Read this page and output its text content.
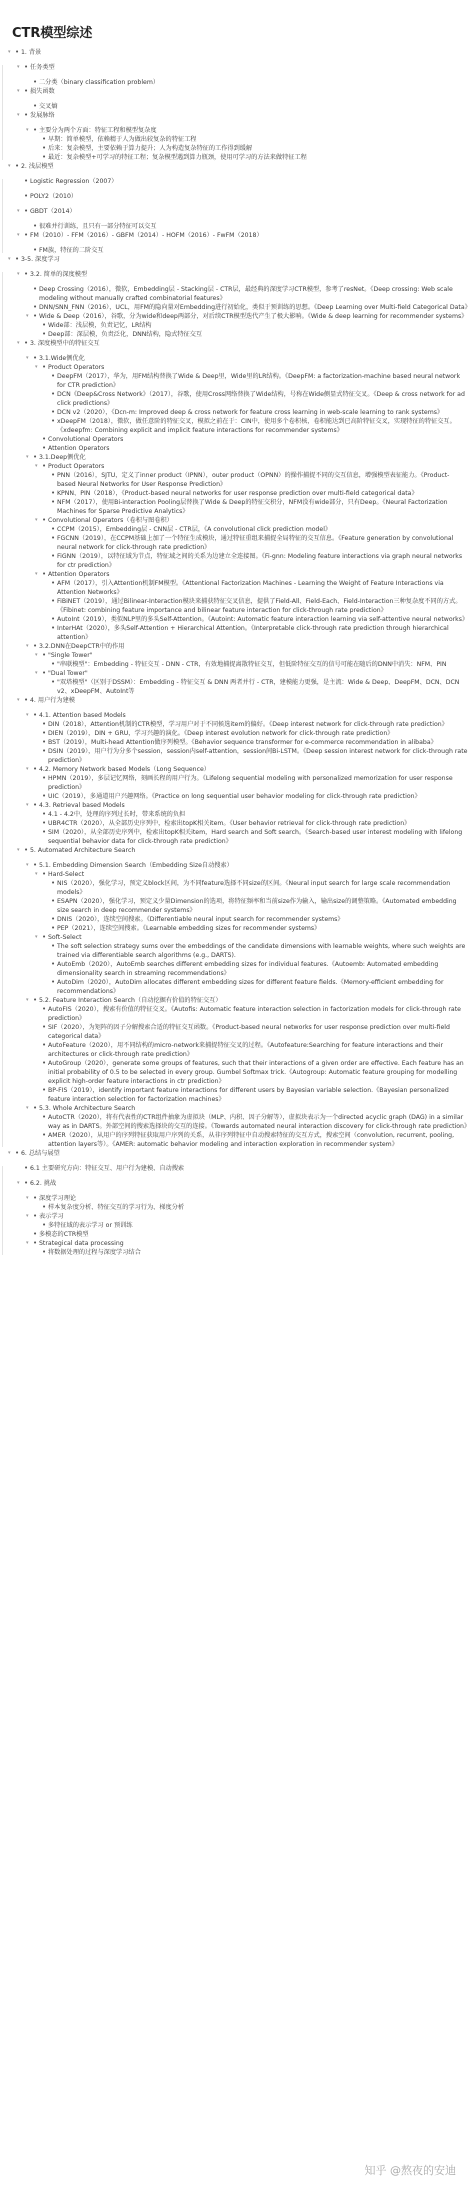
CTR模型综述
▾ • 1. 背景
▾ • 任务类型
• 二分类（binary classification problem）
▾ • 损失函数
• 交叉熵
▾ • 发展脉络
▾ • 主要分为两个方面：特征工程和模型复杂度
• 早期：简单模型，依赖精于人为做出较复杂的特征工程
• 后来：复杂模型，主要依赖于算力提升；人为构造复杂特征的工作得到缓解
• 最近：复杂模型+可学习的特征工程；复杂模型遇到算力瓶颈，使用可学习的方法来做特征工程
▾ • 2. 浅层模型
• Logistic Regression（2007）
• POLY2（2010）
▾ • GBDT（2014）
• 很难并行训练，且只有一部分特征可以交互
▾ • FM（2010）- FFM（2016）- GBFM（2014）- HOFM（2016）- FwFM（2018）
• FM族，特征的二阶交互
▾ • 3-5. 深度学习
▾ • 3.2. 简单的深度模型
• Deep Crossing（2016），微软，Embedding层 - Stacking层 - CTR层，最经典的深度学习CTR模型，参考了resNet。《Deep crossing: Web scale modeling without manually crafted combinatorial features》
• DNN/SNN_FNN（2016），UCL，用FM的隐向量对Embedding进行初始化，类似于预训练的思想。《Deep Learning over Multi-field Categorical Data》
▾ • Wide & Deep（2016），谷歌，分为wide和deep两部分，对后续CTR模型迭代产生了极大影响。《Wide & deep learning for recommender systems》
• Wide部：浅层模，负责记忆，LR结构
• Deep部：深层模，负责泛化，DNN结构，隐式特征交互
▾ • 3. 深度模型中的特征交互
▾ • 3.1.Wide侧优化
▾ • Product Operators
• DeepFM（2017），华为，用FM结构替换了Wide & Deep里，Wide里的LR结构。《DeepFM: a factorization-machine based neural network for CTR prediction》
• DCN《Deep&Cross Network》（2017），谷歌，使用Cross网络替换了Wide结构，号称在Wide侧显式特征交叉。《Deep & cross network for ad click predictions》
• DCN v2（2020），《Dcn-m: Improved deep & cross network for feature cross learning in web-scale learning to rank systems》
• xDeepFM（2018），微软，做任意阶的特征交叉，模拟之前在于：CIN中，使用多个卷积核，卷积能达到已高阶特征交叉，实现特征的特征交互。《xdeepfm: Combining explicit and implicit feature interactions for recommender systems》
• Convolutional Operators
• Attention Operators
▾ • 3.1.Deep侧优化
▾ • Product Operators
• PNN（2016），SJTU，定义了inner product（IPNN），outer product（OPNN）的操作捕捉不同的交互信息，增强模型表征能力。《Product-based Neural Networks for User Response Prediction》
• KPNN、PIN（2018），《Product-based neural networks for user response prediction over multi-field categorical data》
• NFM（2017），使用Bi-interaction Pooling层替换了Wide & Deep的特征交积分，NFM没有wide部分，只有Deep。《Neural Factorization Machines for Sparse Predictive Analytics》
▾ • Convolutional Operators（卷积与图卷积）
• CCPM（2015），Embedding层 - CNN层 - CTR层，《A convolutional click prediction model》
• FGCNN（2019），在CCPM基础上加了一个特征生成模块，通过特征重组来捕捉全局特征的交互信息。《Feature generation by convolutional neural network for click-through rate prediction》
• FiGNN（2019），以特征域为节点，特征域之间的关系为边建立全连接图。《Fi-gnn: Modeling feature interactions via graph neural networks for ctr prediction》
▾ • Attention Operators
• AFM（2017），引入Attention机制FM模型。《Attentional Factorization Machines - Learning the Weight of Feature Interactions via Attention Networks》
• FiBiNET（2019），通过Bilinear-Interaction模块来捕获特征交叉信息，提供了Field-All、Field-Each、Field-Interaction三种复杂度不同的方式。《Fibinet: combining feature importance and bilinear feature interaction for click-through rate prediction》
• AutoInt（2019），类似NLP里的多头Self-Attention。《Autoint: Automatic feature interaction learning via self-attentive neural networks》
• InterHAt（2020），多头Self-Attention + Hierarchical Attention。《Interpretable click-through rate prediction through hierarchical attention》
▾ • 3.2.DNN在DeepCTR中的作用
▾ • "Single Tower"
• "串联模型"：Embedding - 特征交互 - DNN - CTR，有效地捕捉离散特征交互，但低阶特征交互的信号可能在随后的DNN中消失：NFM、PIN
▾ • "Dual Tower"
• "双塔模型"（区别于DSSM）：Embedding - 特征交互 & DNN 两者并行 - CTR，建模能力更强，是主流：Wide & Deep、DeepFM、DCN、DCN v2、xDeepFM、AutoInt等
▾ • 4. 用户行为建模
▾ • 4.1. Attention based Models
• DIN（2018），Attention机制的CTR模型，学习用户对于不同候选item的偏好。《Deep interest network for click-through rate prediction》
• DIEN（2019），DIN + GRU，学习兴趣的演化。《Deep interest evolution network for click-through rate prediction》
• BST（2019），Multi-head Attention做序列模型。《Behavior sequence transformer for e-commerce recommendation in alibaba》
• DSIN（2019），用户行为分多个session，session内self-attention，session间Bi-LSTM。《Deep session interest network for click-through rate prediction》
▾ • 4.2. Memory Network based Models（Long Sequence）
• HPMN（2019），多层记忆网络，刻画长程的用户行为。《Lifelong sequential modeling with personalized memorization for user response prediction》
• UIC（2019），多通道用户兴趣网络。《Practice on long sequential user behavior modeling for click-through rate prediction》
▾ • 4.3. Retrieval based Models
• 4.1 - 4.2中，处理的序列过长时，带来系统的负担
• UBR4CTR（2020），从全部历史序列中，检索出topK相关item。《User behavior retrieval for click-through rate prediction》
• SIM（2020），从全部历史序列中，检索出topK相关item，Hard search and Soft search。《Search-based user interest modeling with lifelong sequential behavior data for click-through rate prediction》
▾ • 5. Automated Architecture Search
▾ • 5.1. Embedding Dimension Search（Embedding Size自动搜索）
▾ • Hard-Select
• NIS（2020），强化学习，预定义block区间，为不同feature选择不同size的区间。《Neural input search for large scale recommendation models》
• ESAPN（2020），强化学习，预定义少量Dimension的选项，将特征频率和当前size作为输入，输出size的调整策略。《Automated embedding size search in deep recommender systems》
• DNIS（2020），连续空间搜索。《Differentiable neural input search for recommender systems》
• PEP（2021），连续空间搜索。《Learnable embedding sizes for recommender systems》
▾ • Soft-Select
• The soft selection strategy sums over the embeddings of the candidate dimensions with learnable weights, where such weights are trained via differentiable search algorithms (e.g., DARTS).
• AutoEmb（2020），AutoEmb searches different embedding sizes for individual features.《Autoemb: Automated embedding dimensionality search in streaming recommendations》
• AutoDim（2020），AutoDim allocates different embedding sizes for different feature fields.《Memory-efficient embedding for recommendations》
▾ • 5.2. Feature Interaction Search（自动挖掘有价值的特征交互）
• AutoFIS（2020），搜索有价值的特征交叉。《Autofis: Automatic feature interaction selection in factorization models for click-through rate prediction》
• SIF（2020），为矩阵的因子分解搜索合适的特征交互函数。《Product-based neural networks for user response prediction over multi-field categorical data》
• AutoFeature（2020），用不同结构的micro-network来捕捉特征交叉的过程。《Autofeature:Searching for feature interactions and their architectures or click-through rate prediction》
• AutoGroup（2020），generate some groups of features, such that their interactions of a given order are effective. Each feature has an initial probability of 0.5 to be selected in every group. Gumbel Softmax trick.《Autogroup: Automatic feature grouping for modelling explicit high-order feature interactions in ctr prediction》
• BP-FIS（2019），identify important feature interactions for different users by Bayesian variable selection.《Bayesian personalized feature interaction selection for factorization machines》
▾ • 5.3. Whole Architecture Search
• AutoCTR（2020），将有代表性的CTR组件抽象为虚拟块（MLP、内积、因子分解等），虚拟块表示为一个directed acyclic graph (DAG) in a similar way as in DARTS。外部空间的搜索选择块的交互的连接。《Towards automated neural interaction discovery for click-through rate prediction》
• AMER（2020），从用户的序列特征获取用户序列的关系，从非序列特征中自动搜索特征的交互方式，搜索空间（convolution, recurrent, pooling, attention layers等）。《AMER: automatic behavior modeling and interaction exploration in recommender system》
▾ • 6. 总结与展望
• 6.1 主要研究方向：特征交互、用户行为建模、自动搜索
▾ • 6.2. 挑战
▾ • 深度学习理论
• 样本复杂度分析、特征交互的学习行为、梯度分析
▾ • 表示学习
• 多特征域的表示学习 or 预训练
• 多模态的CTR模型
▾ • Strategical data processing
• 将数据处理的过程与深度学习结合
知乎 @熬夜的安迪
